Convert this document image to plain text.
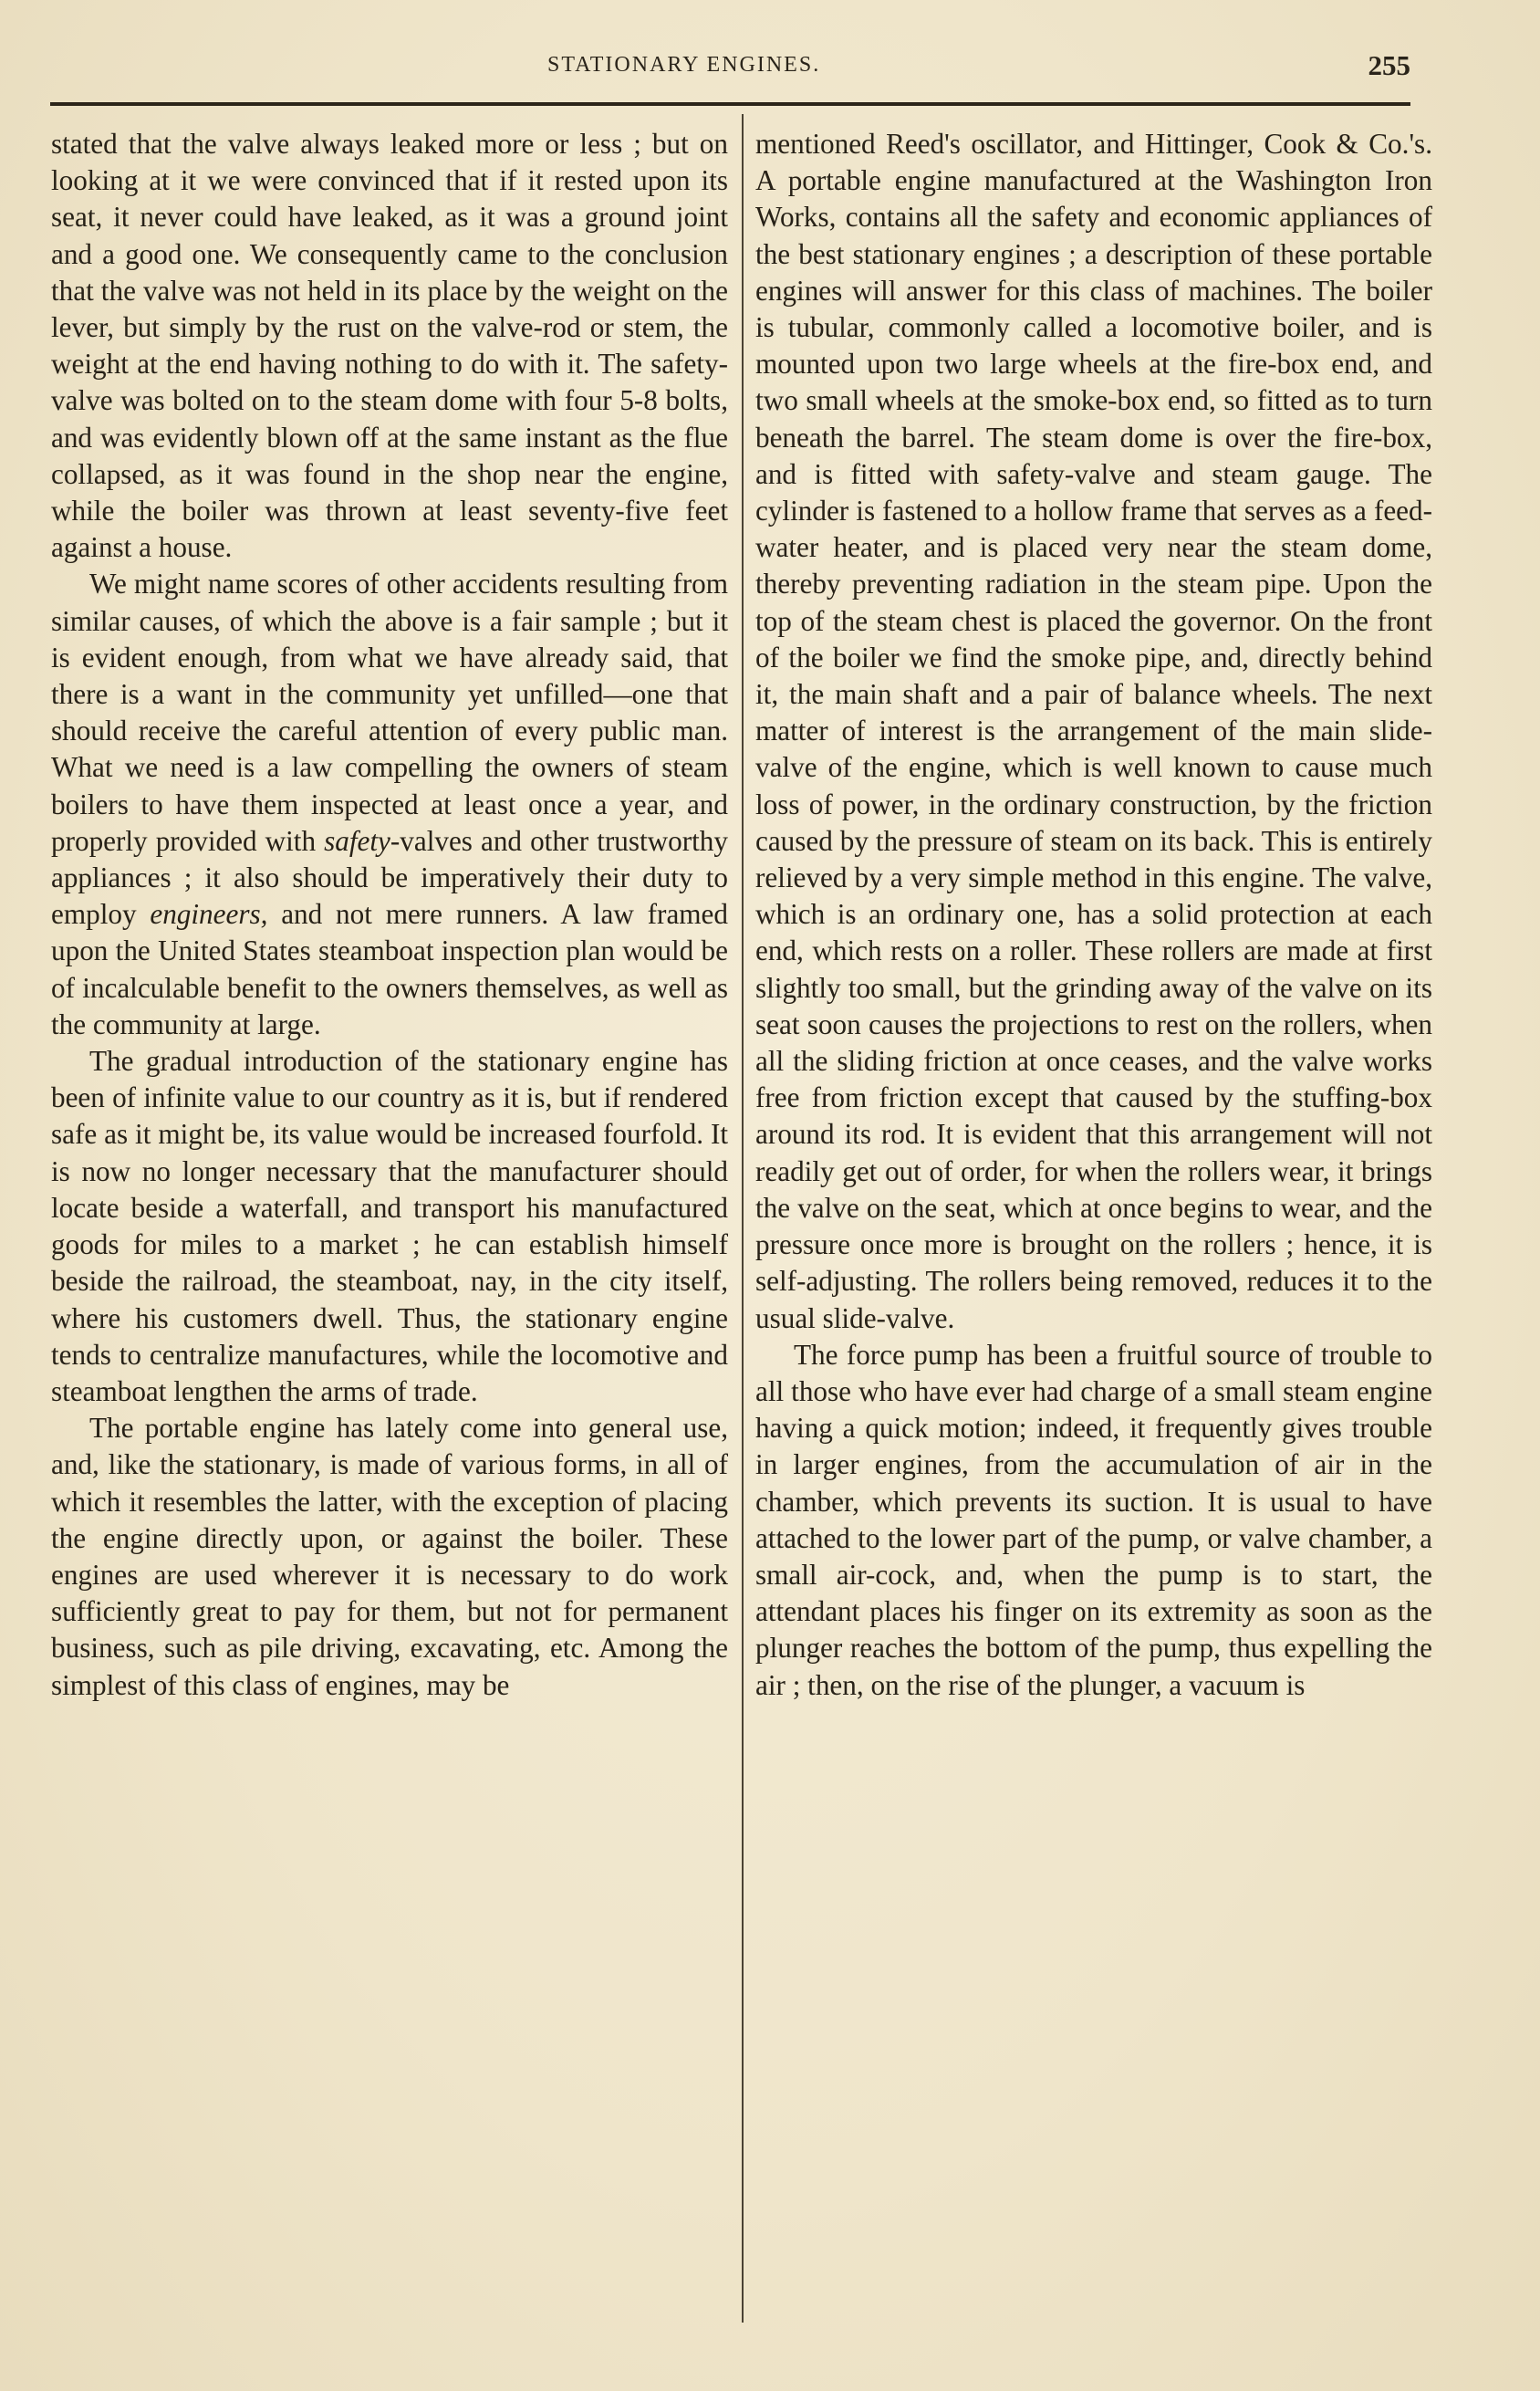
STATIONARY ENGINES.	255

stated that the valve always leaked more or less ; but on looking at it we were convinced that if it rested upon its seat, it never could have leaked, as it was a ground joint and a good one. We consequently came to the conclusion that the valve was not held in its place by the weight on the lever, but simply by the rust on the valve-rod or stem, the weight at the end having nothing to do with it. The safety-valve was bolted on to the steam dome with four 5-8 bolts, and was evidently blown off at the same instant as the flue collapsed, as it was found in the shop near the engine, while the boiler was thrown at least seventy-five feet against a house.

We might name scores of other accidents resulting from similar causes, of which the above is a fair sample ; but it is evident enough, from what we have already said, that there is a want in the community yet unfilled—one that should receive the careful attention of every public man. What we need is a law compelling the owners of steam boilers to have them inspected at least once a year, and properly provided with safety-valves and other trustworthy appliances ; it also should be imperatively their duty to employ engineers, and not mere runners. A law framed upon the United States steamboat inspection plan would be of incalculable benefit to the owners themselves, as well as the community at large.

The gradual introduction of the stationary engine has been of infinite value to our country as it is, but if rendered safe as it might be, its value would be increased fourfold. It is now no longer necessary that the manufacturer should locate beside a waterfall, and transport his manufactured goods for miles to a market ; he can establish himself beside the railroad, the steamboat, nay, in the city itself, where his customers dwell. Thus, the stationary engine tends to centralize manufactures, while the locomotive and steamboat lengthen the arms of trade.

The portable engine has lately come into general use, and, like the stationary, is made of various forms, in all of which it resembles the latter, with the exception of placing the engine directly upon, or against the boiler. These engines are used wherever it is necessary to do work sufficiently great to pay for them, but not for permanent business, such as pile driving, excavating, etc. Among the simplest of this class of engines, may be

mentioned Reed's oscillator, and Hittinger, Cook & Co.'s. A portable engine manufactured at the Washington Iron Works, contains all the safety and economic appliances of the best stationary engines ; a description of these portable engines will answer for this class of machines. The boiler is tubular, commonly called a locomotive boiler, and is mounted upon two large wheels at the fire-box end, and two small wheels at the smoke-box end, so fitted as to turn beneath the barrel. The steam dome is over the fire-box, and is fitted with safety-valve and steam gauge. The cylinder is fastened to a hollow frame that serves as a feed-water heater, and is placed very near the steam dome, thereby preventing radiation in the steam pipe. Upon the top of the steam chest is placed the governor. On the front of the boiler we find the smoke pipe, and, directly behind it, the main shaft and a pair of balance wheels. The next matter of interest is the arrangement of the main slide-valve of the engine, which is well known to cause much loss of power, in the ordinary construction, by the friction caused by the pressure of steam on its back. This is entirely relieved by a very simple method in this engine. The valve, which is an ordinary one, has a solid protection at each end, which rests on a roller. These rollers are made at first slightly too small, but the grinding away of the valve on its seat soon causes the projections to rest on the rollers, when all the sliding friction at once ceases, and the valve works free from friction except that caused by the stuffing-box around its rod. It is evident that this arrangement will not readily get out of order, for when the rollers wear, it brings the valve on the seat, which at once begins to wear, and the pressure once more is brought on the rollers ; hence, it is self-adjusting. The rollers being removed, reduces it to the usual slide-valve.

The force pump has been a fruitful source of trouble to all those who have ever had charge of a small steam engine having a quick motion; indeed, it frequently gives trouble in larger engines, from the accumulation of air in the chamber, which prevents its suction. It is usual to have attached to the lower part of the pump, or valve chamber, a small air-cock, and, when the pump is to start, the attendant places his finger on its extremity as soon as the plunger reaches the bottom of the pump, thus expelling the air ; then, on the rise of the plunger, a vacuum is
